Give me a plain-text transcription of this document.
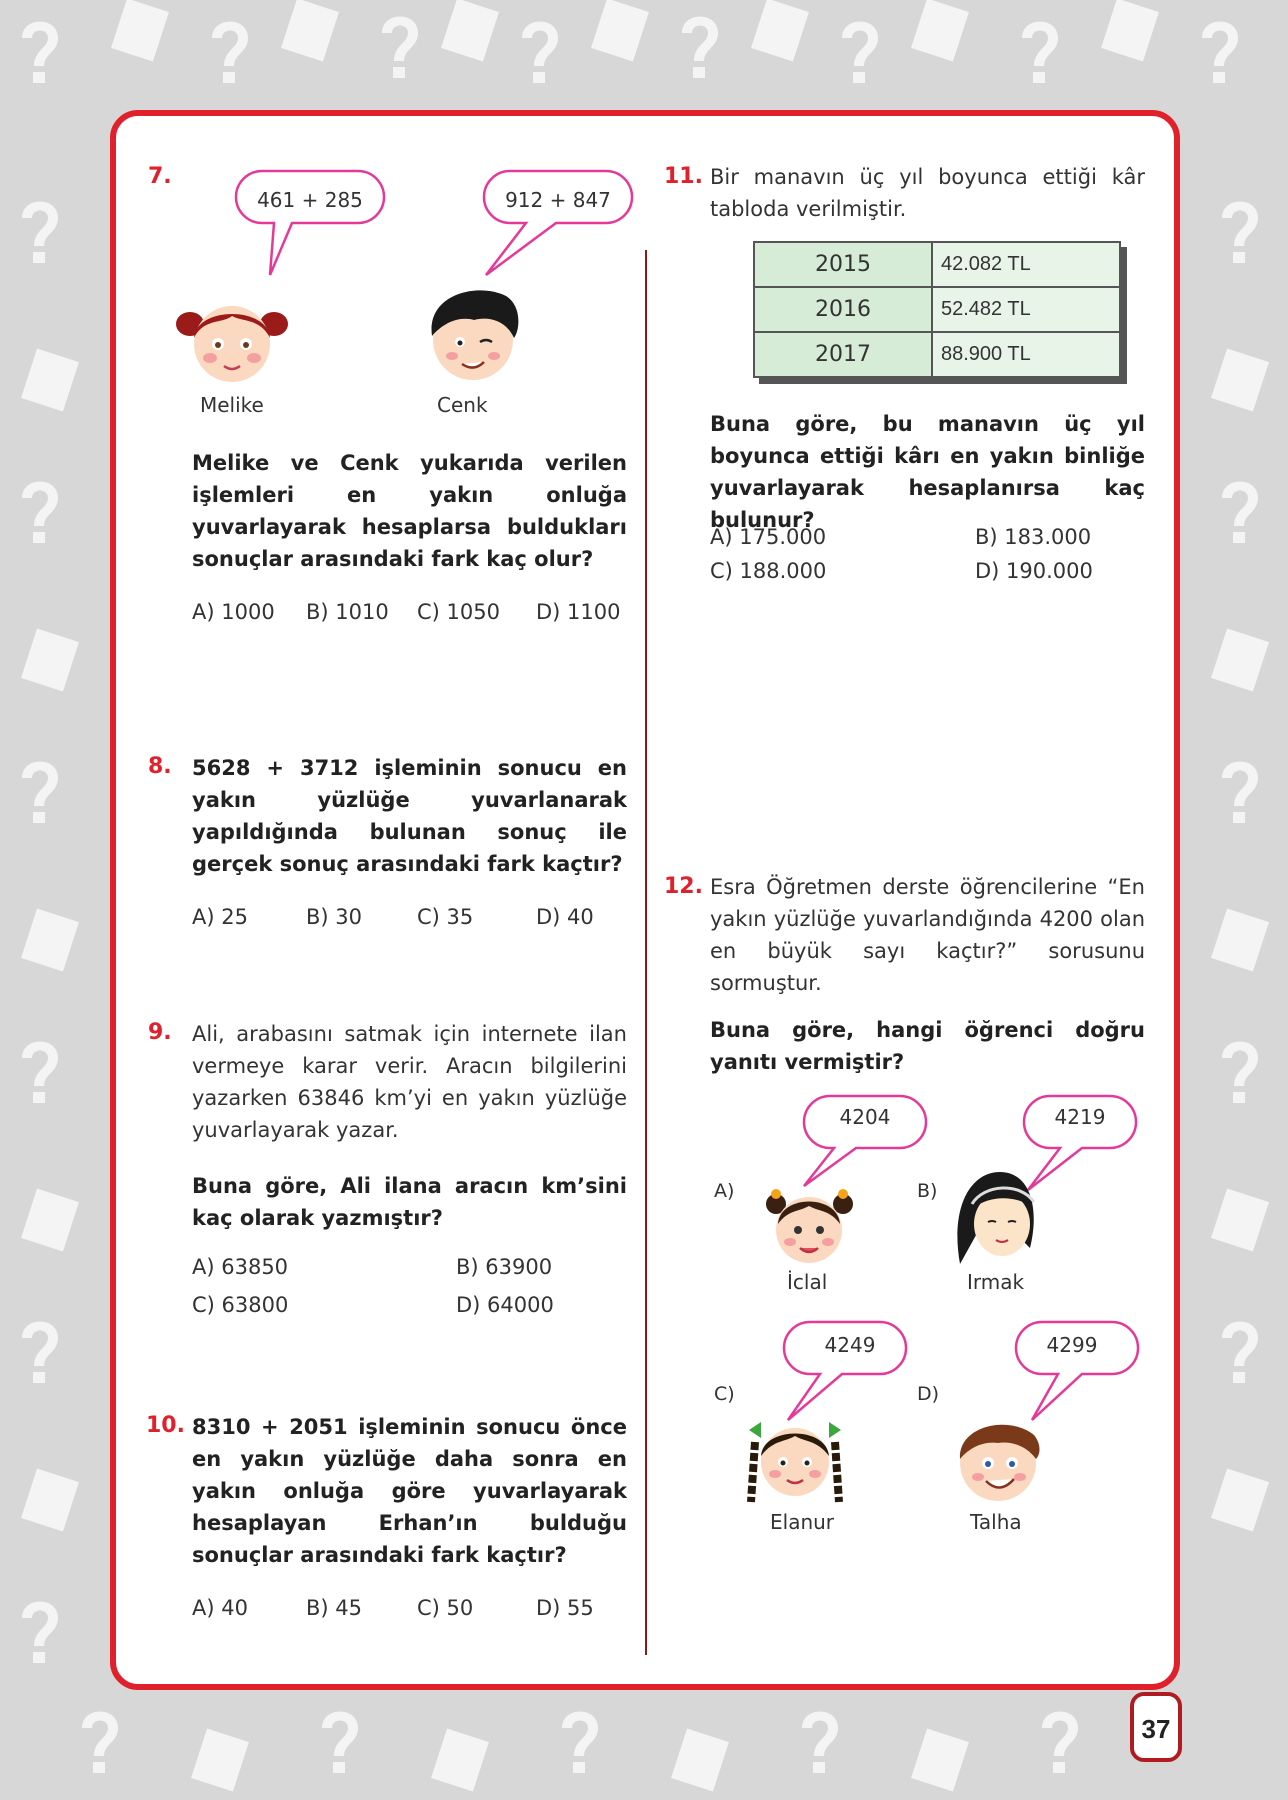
7.
461 + 285	912 + 847
Melike	Cenk
Melike ve Cenk yukarıda verilen işlemleri en yakın onluğa yuvarlayarak hesaplarsa buldukları sonuçlar arasındaki fark kaç olur?
A) 1000	B) 1010	C) 1050	D) 1100
8. 5628 + 3712 işleminin sonucu en yakın yüzlüğe yuvarlanarak yapıldığında bulunan sonuç ile gerçek sonuç arasındaki fark kaçtır?
A) 25	B) 30	C) 35	D) 40
9. Ali, arabasını satmak için internete ilan vermeye karar verir. Aracın bilgilerini yazarken 63846 km’yi en yakın yüzlüğe yuvarlayarak yazar.
Buna göre, Ali ilana aracın km’sini kaç olarak yazmıştır?
A) 63850	B) 63900
C) 63800	D) 64000
10. 8310 + 2051 işleminin sonucu önce en yakın yüzlüğe daha sonra en yakın onluğa göre yuvarlayarak hesaplayan Erhan’ın bulduğu sonuçlar arasındaki fark kaçtır?
A) 40	B) 45	C) 50	D) 55
11. Bir manavın üç yıl boyunca ettiği kâr tabloda verilmiştir.
2015	42.082 TL
2016	52.482 TL
2017	88.900 TL
Buna göre, bu manavın üç yıl boyunca ettiği kârı en yakın binliğe yuvarlayarak hesaplanırsa kaç bulunur?
A) 175.000	B) 183.000
C) 188.000	D) 190.000
12. Esra Öğretmen derste öğrencilerine “En yakın yüzlüğe yuvarlandığında 4200 olan en büyük sayı kaçtır?” sorusunu sormuştur.
Buna göre, hangi öğrenci doğru yanıtı vermiştir?
4204
A)
İclal
4219
B)
Irmak
4249
C)
Elanur
4299
D)
Talha
37
